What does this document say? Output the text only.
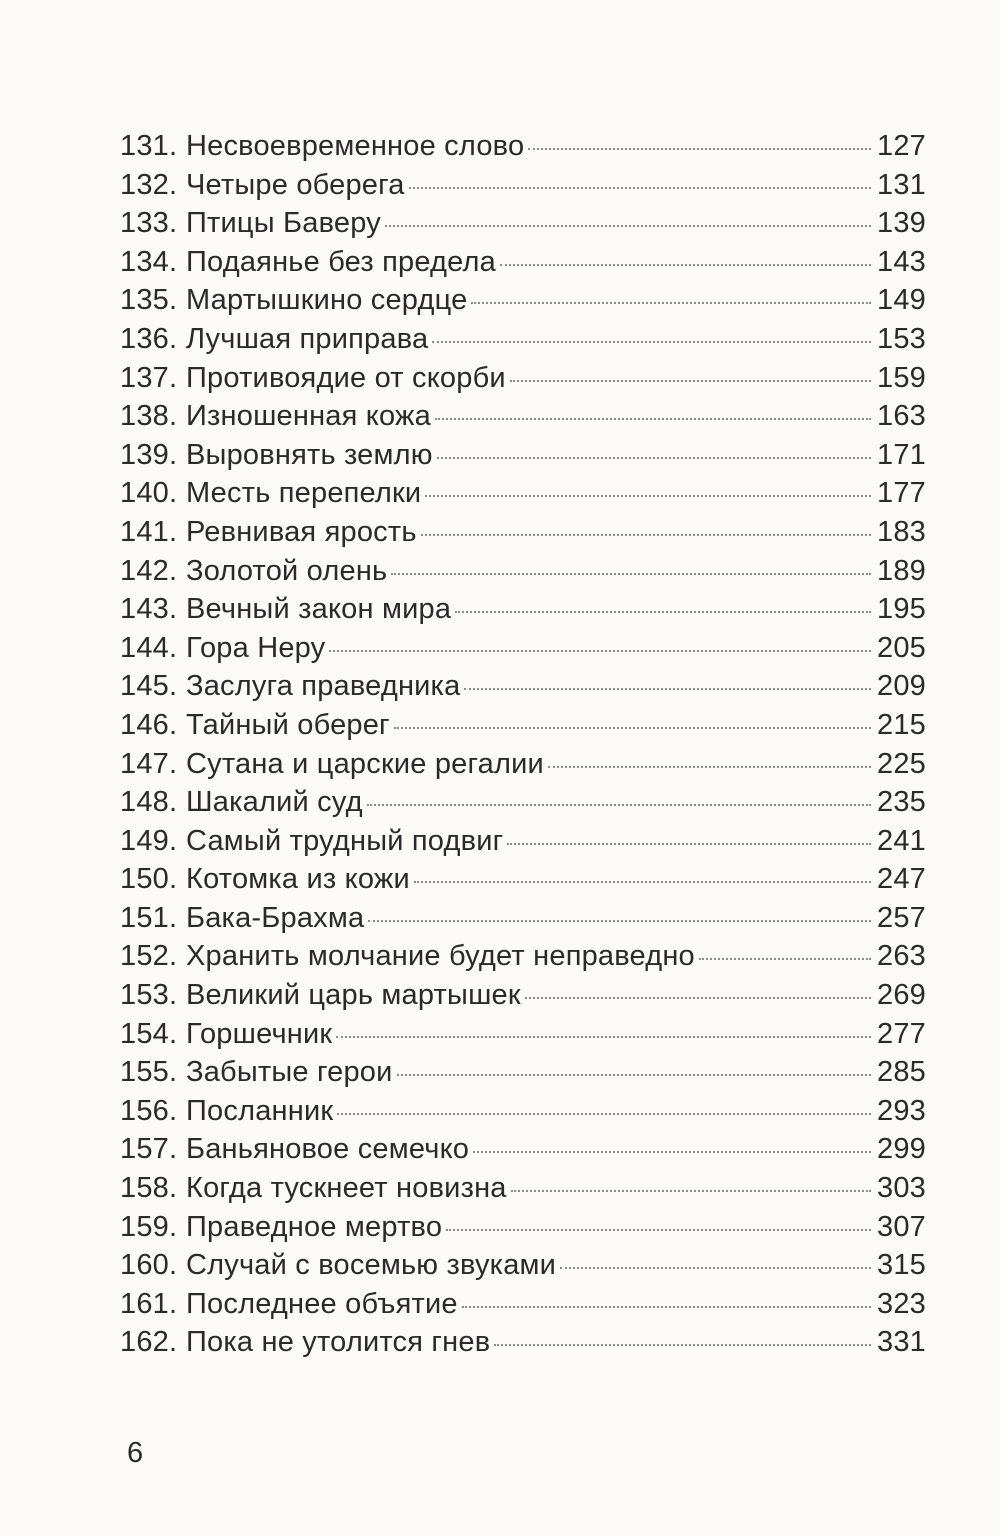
131. Несвоевременное слово	127
132. Четыре оберега	131
133. Птицы Баверу	139
134. Подаянье без предела	143
135. Мартышкино сердце	149
136. Лучшая приправа	153
137. Противоядие от скорби	159
138. Изношенная кожа	163
139. Выровнять землю	171
140. Месть перепелки	177
141. Ревнивая ярость	183
142. Золотой олень	189
143. Вечный закон мира	195
144. Гора Неру	205
145. Заслуга праведника	209
146. Тайный оберег	215
147. Сутана и царские регалии	225
148. Шакалий суд	235
149. Самый трудный подвиг	241
150. Котомка из кожи	247
151. Бака-Брахма	257
152. Хранить молчание будет неправедно	263
153. Великий царь мартышек	269
154. Горшечник	277
155. Забытые герои	285
156. Посланник	293
157. Баньяновое семечко	299
158. Когда тускнеет новизна	303
159. Праведное мертво	307
160. Случай с восемью звуками	315
161. Последнее объятие	323
162. Пока не утолится гнев	331
6
